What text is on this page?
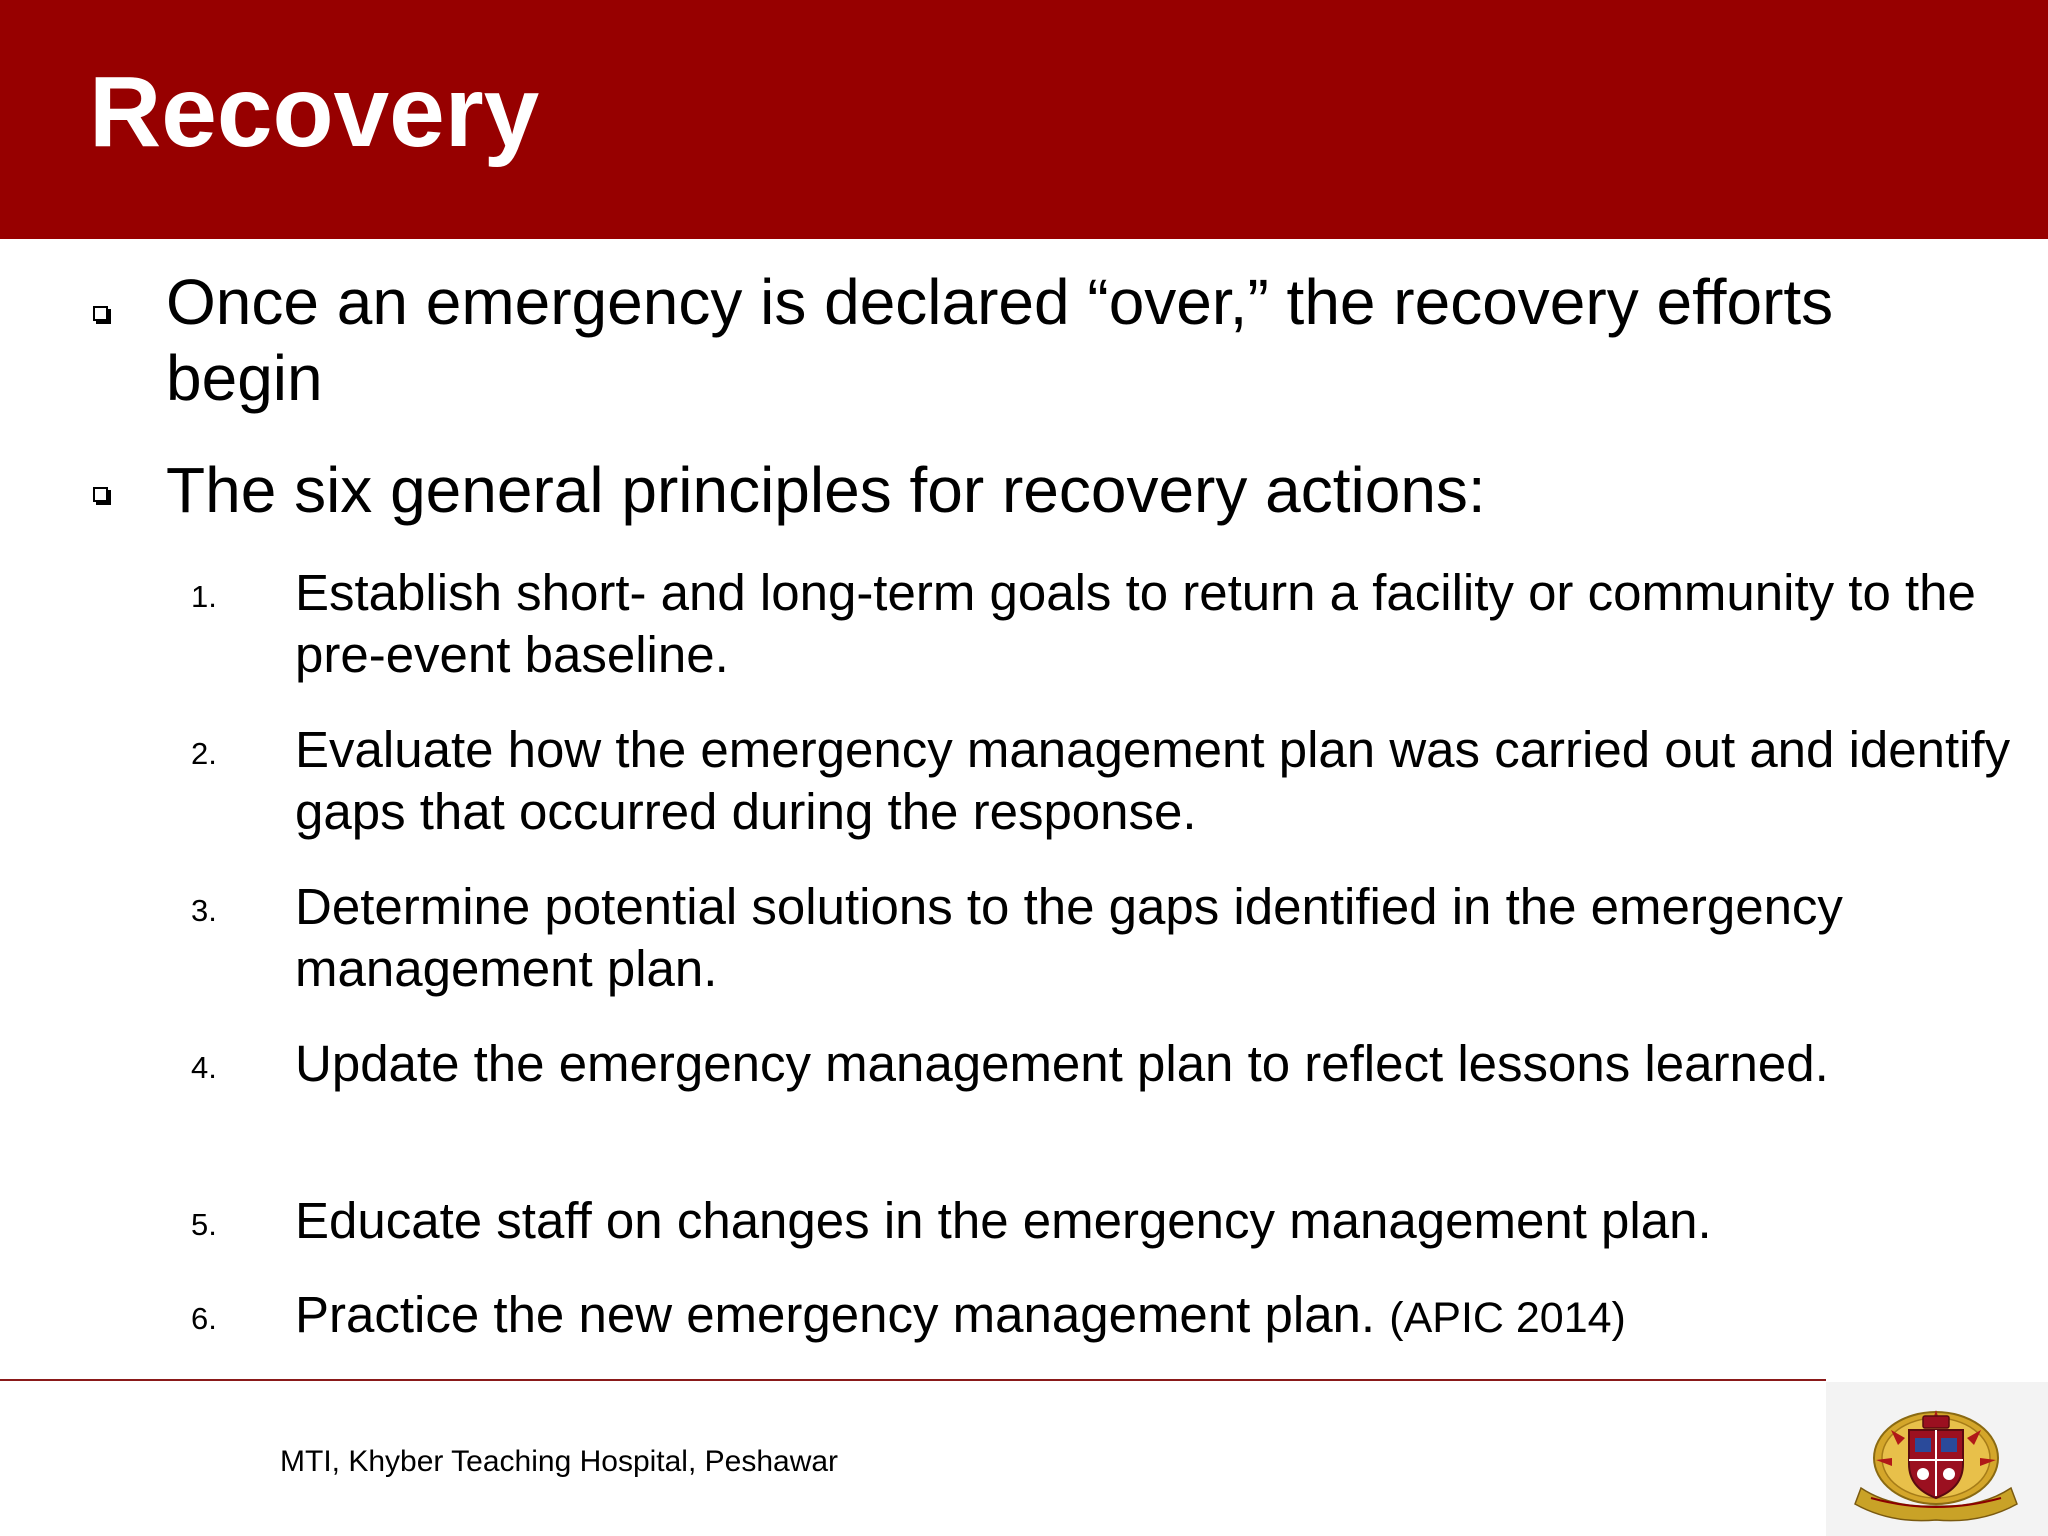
Recovery

Once an emergency is declared “over,” the recovery efforts begin

The six general principles for recovery actions:

1. Establish short- and long-term goals to return a facility or community to the pre-event baseline.

2. Evaluate how the emergency management plan was carried out and identify gaps that occurred during the response.

3. Determine potential solutions to the gaps identified in the emergency management plan.

4. Update the emergency management plan to reflect lessons learned.

5. Educate staff on changes in the emergency management plan.

6. Practice the new emergency management plan. (APIC 2014)

MTI, Khyber Teaching Hospital, Peshawar
